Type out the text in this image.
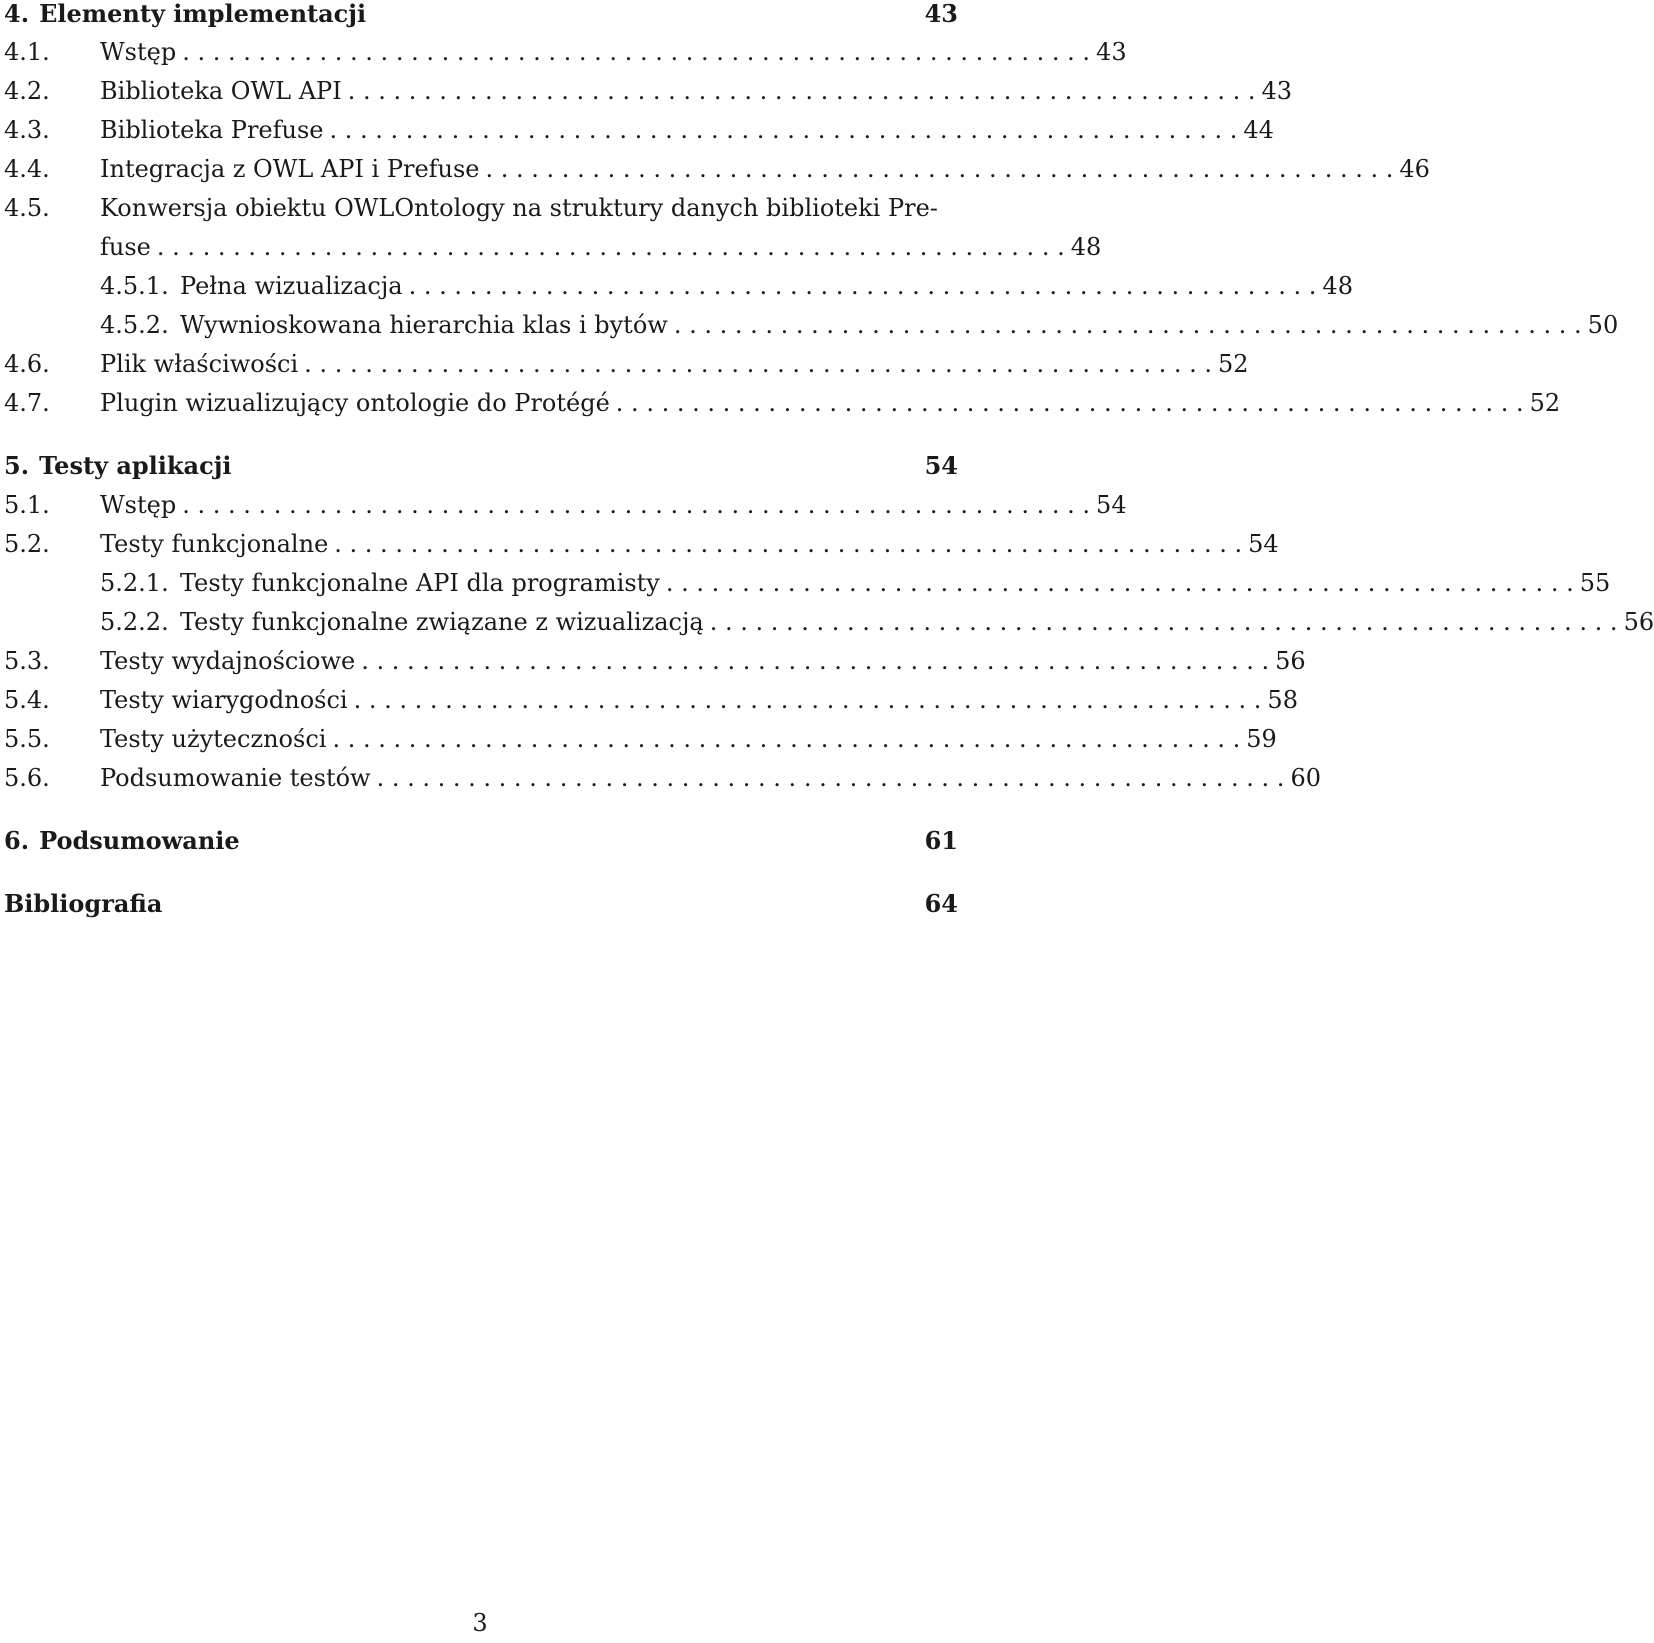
4. Elementy implementacji	43
4.1.	Wstęp . . . . . . . . . . . . . . . . . . . . . . . . . . . . . . . . . . . . . . . . . . . . . . . . . . . . . . . . . . . . 43
4.2.	Biblioteka OWL API . . . . . . . . . . . . . . . . . . . . . . . . . . . . . . . . . . . . . . . . . . . . . . . . . . . . . . . . . . . . 43
4.3.	Biblioteka Prefuse . . . . . . . . . . . . . . . . . . . . . . . . . . . . . . . . . . . . . . . . . . . . . . . . . . . . . . . . . . . . 44
4.4.	Integracja z OWL API i Prefuse . . . . . . . . . . . . . . . . . . . . . . . . . . . . . . . . . . . . . . . . . . . . . . . . . . . . . . . . . . . . 46
4.5.	Konwersja obiektu OWLOntology na struktury danych biblioteki Pre-
fuse . . . . . . . . . . . . . . . . . . . . . . . . . . . . . . . . . . . . . . . . . . . . . . . . . . . . . . . . . . . . 48
4.5.1. Pełna wizualizacja . . . . . . . . . . . . . . . . . . . . . . . . . . . . . . . . . . . . . . . . . . . . . . . . . . . . . . . . . . . . 48
4.5.2. Wywnioskowana hierarchia klas i bytów . . . . . . . . . . . . . . . . . . . . . . . . . . . . . . . . . . . . . . . . . . . . . . . . . . . . . . . . . . . . 50
4.6.	Plik właściwości . . . . . . . . . . . . . . . . . . . . . . . . . . . . . . . . . . . . . . . . . . . . . . . . . . . . . . . . . . . . 52
4.7.	Plugin wizualizujący ontologie do Protégé . . . . . . . . . . . . . . . . . . . . . . . . . . . . . . . . . . . . . . . . . . . . . . . . . . . . . . . . . . . . 52
5. Testy aplikacji	54
5.1.	Wstęp . . . . . . . . . . . . . . . . . . . . . . . . . . . . . . . . . . . . . . . . . . . . . . . . . . . . . . . . . . . . 54
5.2.	Testy funkcjonalne . . . . . . . . . . . . . . . . . . . . . . . . . . . . . . . . . . . . . . . . . . . . . . . . . . . . . . . . . . . . 54
5.2.1. Testy funkcjonalne API dla programisty . . . . . . . . . . . . . . . . . . . . . . . . . . . . . . . . . . . . . . . . . . . . . . . . . . . . . . . . . . . . 55
5.2.2. Testy funkcjonalne związane z wizualizacją . . . . . . . . . . . . . . . . . . . . . . . . . . . . . . . . . . . . . . . . . . . . . . . . . . . . . . . . . . . . 56
5.3.	Testy wydajnościowe . . . . . . . . . . . . . . . . . . . . . . . . . . . . . . . . . . . . . . . . . . . . . . . . . . . . . . . . . . . . 56
5.4.	Testy wiarygodności . . . . . . . . . . . . . . . . . . . . . . . . . . . . . . . . . . . . . . . . . . . . . . . . . . . . . . . . . . . . 58
5.5.	Testy użyteczności . . . . . . . . . . . . . . . . . . . . . . . . . . . . . . . . . . . . . . . . . . . . . . . . . . . . . . . . . . . . 59
5.6.	Podsumowanie testów . . . . . . . . . . . . . . . . . . . . . . . . . . . . . . . . . . . . . . . . . . . . . . . . . . . . . . . . . . . . 60
6. Podsumowanie	61
Bibliografia	64
3
